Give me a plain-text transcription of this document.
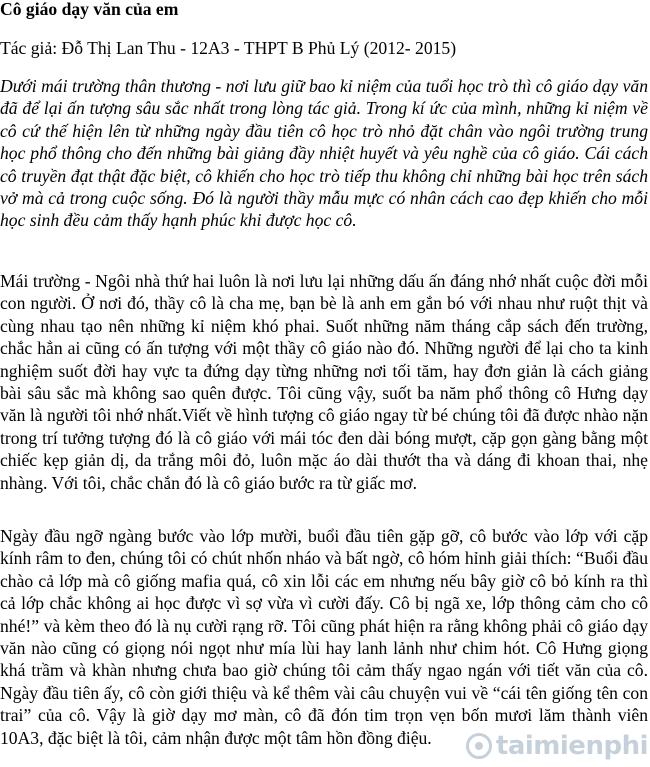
Cô giáo dạy văn của em

Tác giả: Đỗ Thị Lan Thu - 12A3 - THPT B Phủ Lý (2012- 2015)

Dưới mái trường thân thương - nơi lưu giữ bao kỉ niệm của tuổi học trò thì cô giáo dạy văn đã để lại ấn tượng sâu sắc nhất trong lòng tác giả. Trong kí ức của mình, những kỉ niệm về cô cứ thế hiện lên từ những ngày đầu tiên cô học trò nhỏ đặt chân vào ngôi trường trung học phổ thông cho đến những bài giảng đầy nhiệt huyết và yêu nghề của cô giáo. Cái cách cô truyền đạt thật đặc biệt, cô khiến cho học trò tiếp thu không chỉ những bài học trên sách vở mà cả trong cuộc sống. Đó là người thầy mẫu mực có nhân cách cao đẹp khiến cho mỗi học sinh đều cảm thấy hạnh phúc khi được học cô.

Mái trường - Ngôi nhà thứ hai luôn là nơi lưu lại những dấu ấn đáng nhớ nhất cuộc đời mỗi con người. Ở nơi đó, thầy cô là cha mẹ, bạn bè là anh em gắn bó với nhau như ruột thịt và cùng nhau tạo nên những kỉ niệm khó phai. Suốt những năm tháng cắp sách đến trường, chắc hẳn ai cũng có ấn tượng với một thầy cô giáo nào đó. Những người để lại cho ta kinh nghiệm suốt đời hay vực ta đứng dạy từng những nơi tối tăm, hay đơn giản là cách giảng bài sâu sắc mà không sao quên được. Tôi cũng vậy, suốt ba năm phổ thông cô Hưng dạy văn là người tôi nhớ nhất.Viết về hình tượng cô giáo ngay từ bé chúng tôi đã được nhào nặn trong trí tưởng tượng đó là cô giáo với mái tóc đen dài bóng mượt, cặp gọn gàng bằng một chiếc kẹp giản dị, da trắng môi đỏ, luôn mặc áo dài thướt tha và dáng đi khoan thai, nhẹ nhàng. Với tôi, chắc chắn đó là cô giáo bước ra từ giấc mơ.

Ngày đầu ngỡ ngàng bước vào lớp mười, buổi đầu tiên gặp gỡ, cô bước vào lớp với cặp kính râm to đen, chúng tôi có chút nhốn nháo và bất ngờ, cô hóm hỉnh giải thích: “Buổi đầu chào cả lớp mà cô giống mafia quá, cô xin lỗi các em nhưng nếu bây giờ cô bỏ kính ra thì cả lớp chắc không ai học được vì sợ vừa vì cười đấy. Cô bị ngã xe, lớp thông cảm cho cô nhé!” và kèm theo đó là nụ cười rạng rỡ. Tôi cũng phát hiện ra rằng không phải cô giáo dạy văn nào cũng có giọng nói ngọt như mía lùi hay lanh lảnh như chim hót. Cô Hưng giọng khá trầm và khàn nhưng chưa bao giờ chúng tôi cảm thấy ngao ngán với tiết văn của cô. Ngày đầu tiên ấy, cô còn giới thiệu và kể thêm vài câu chuyện vui về “cái tên giống tên con trai” của cô. Vậy là giờ dạy mơ màn, cô đã đón tim trọn vẹn bốn mươi lăm thành viên 10A3, đặc biệt là tôi, cảm nhận được một tâm hồn đồng điệu.	taimienphi
